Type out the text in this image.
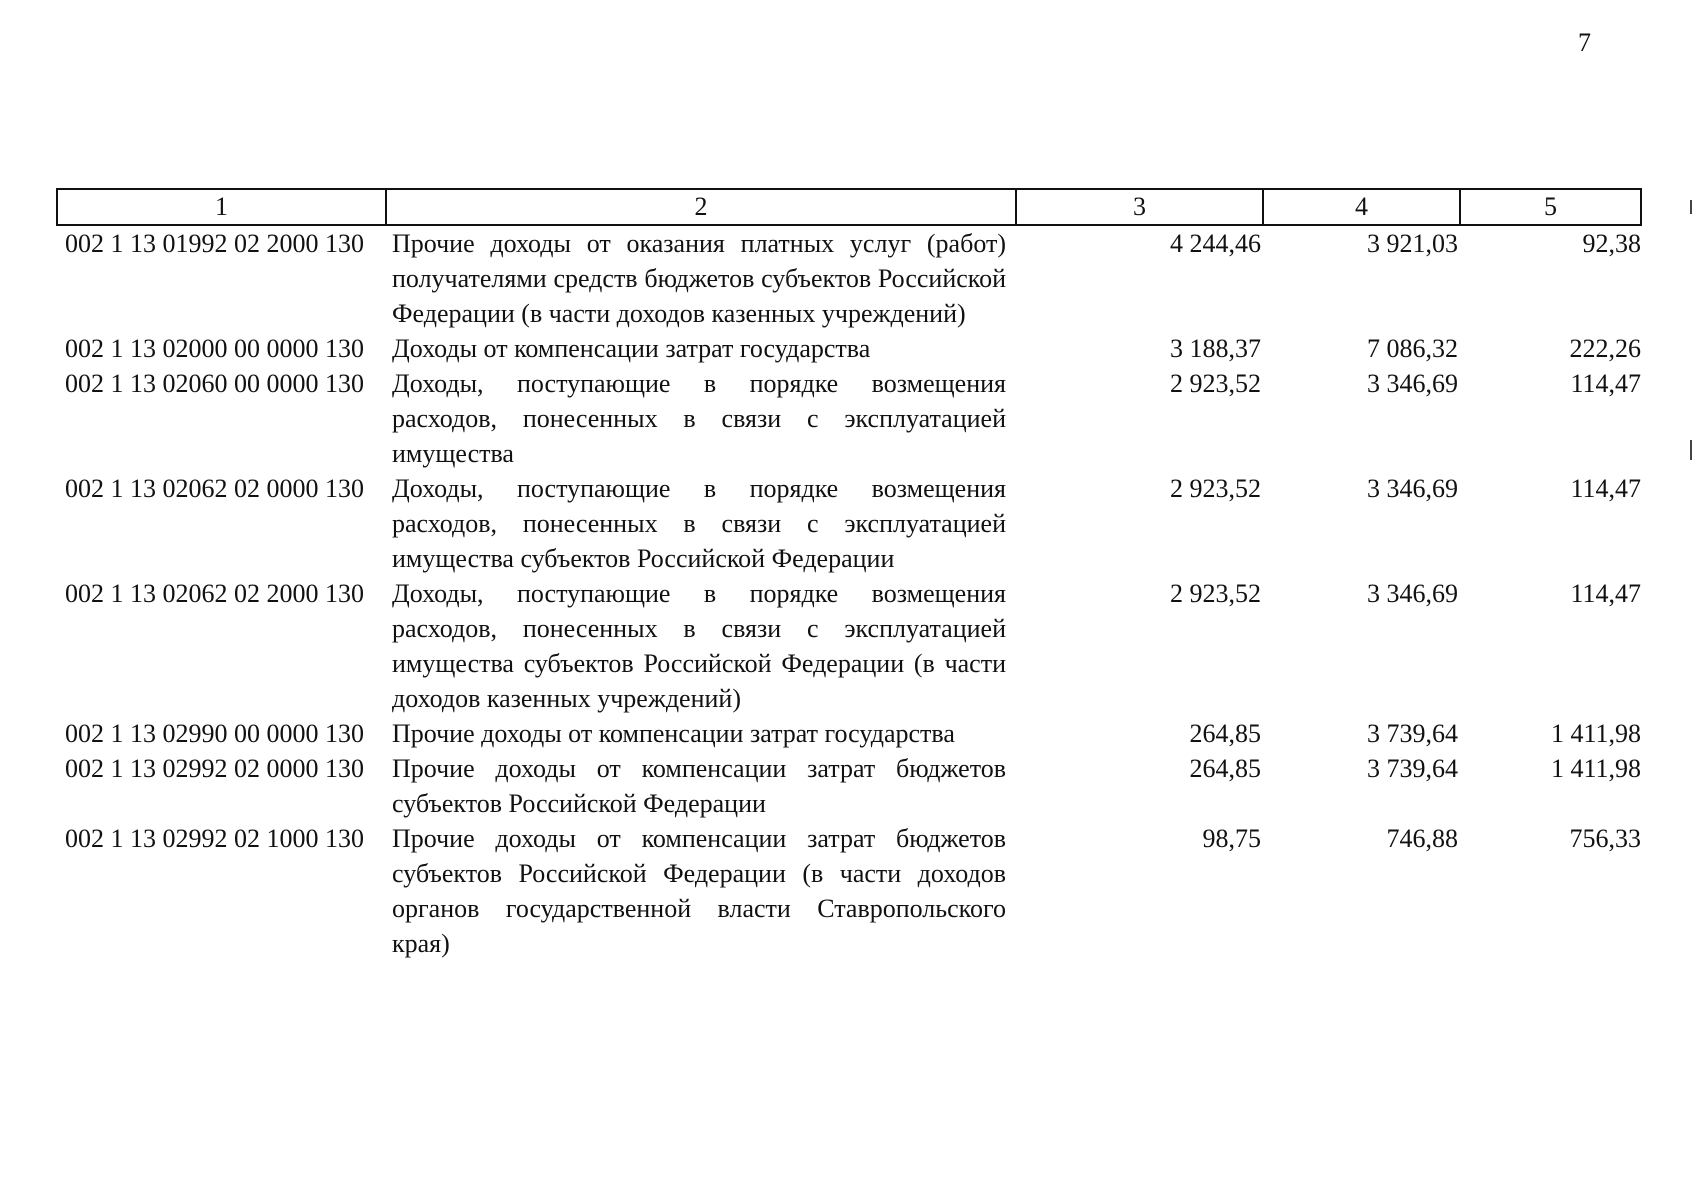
7
1	2	3	4	5
002 1 13 01992 02 2000 130	Прочие доходы от оказания платных услуг (работ) получателями средств бюджетов субъектов Российской Федерации (в части доходов казенных учреждений)	4 244,46	3 921,03	92,38
002 1 13 02000 00 0000 130	Доходы от компенсации затрат государства	3 188,37	7 086,32	222,26
002 1 13 02060 00 0000 130	Доходы, поступающие в порядке возмещения расходов, понесенных в связи с эксплуатацией имущества	2 923,52	3 346,69	114,47
002 1 13 02062 02 0000 130	Доходы, поступающие в порядке возмещения расходов, понесенных в связи с эксплуатацией имущества субъектов Российской Федерации	2 923,52	3 346,69	114,47
002 1 13 02062 02 2000 130	Доходы, поступающие в порядке возмещения расходов, понесенных в связи с эксплуатацией имущества субъектов Российской Федерации (в части доходов казенных учреждений)	2 923,52	3 346,69	114,47
002 1 13 02990 00 0000 130	Прочие доходы от компенсации затрат государства	264,85	3 739,64	1 411,98
002 1 13 02992 02 0000 130	Прочие доходы от компенсации затрат бюджетов субъектов Российской Федерации	264,85	3 739,64	1 411,98
002 1 13 02992 02 1000 130	Прочие доходы от компенсации затрат бюджетов субъектов Российской Федерации (в части доходов органов государственной власти Ставропольского края)	98,75	746,88	756,33
